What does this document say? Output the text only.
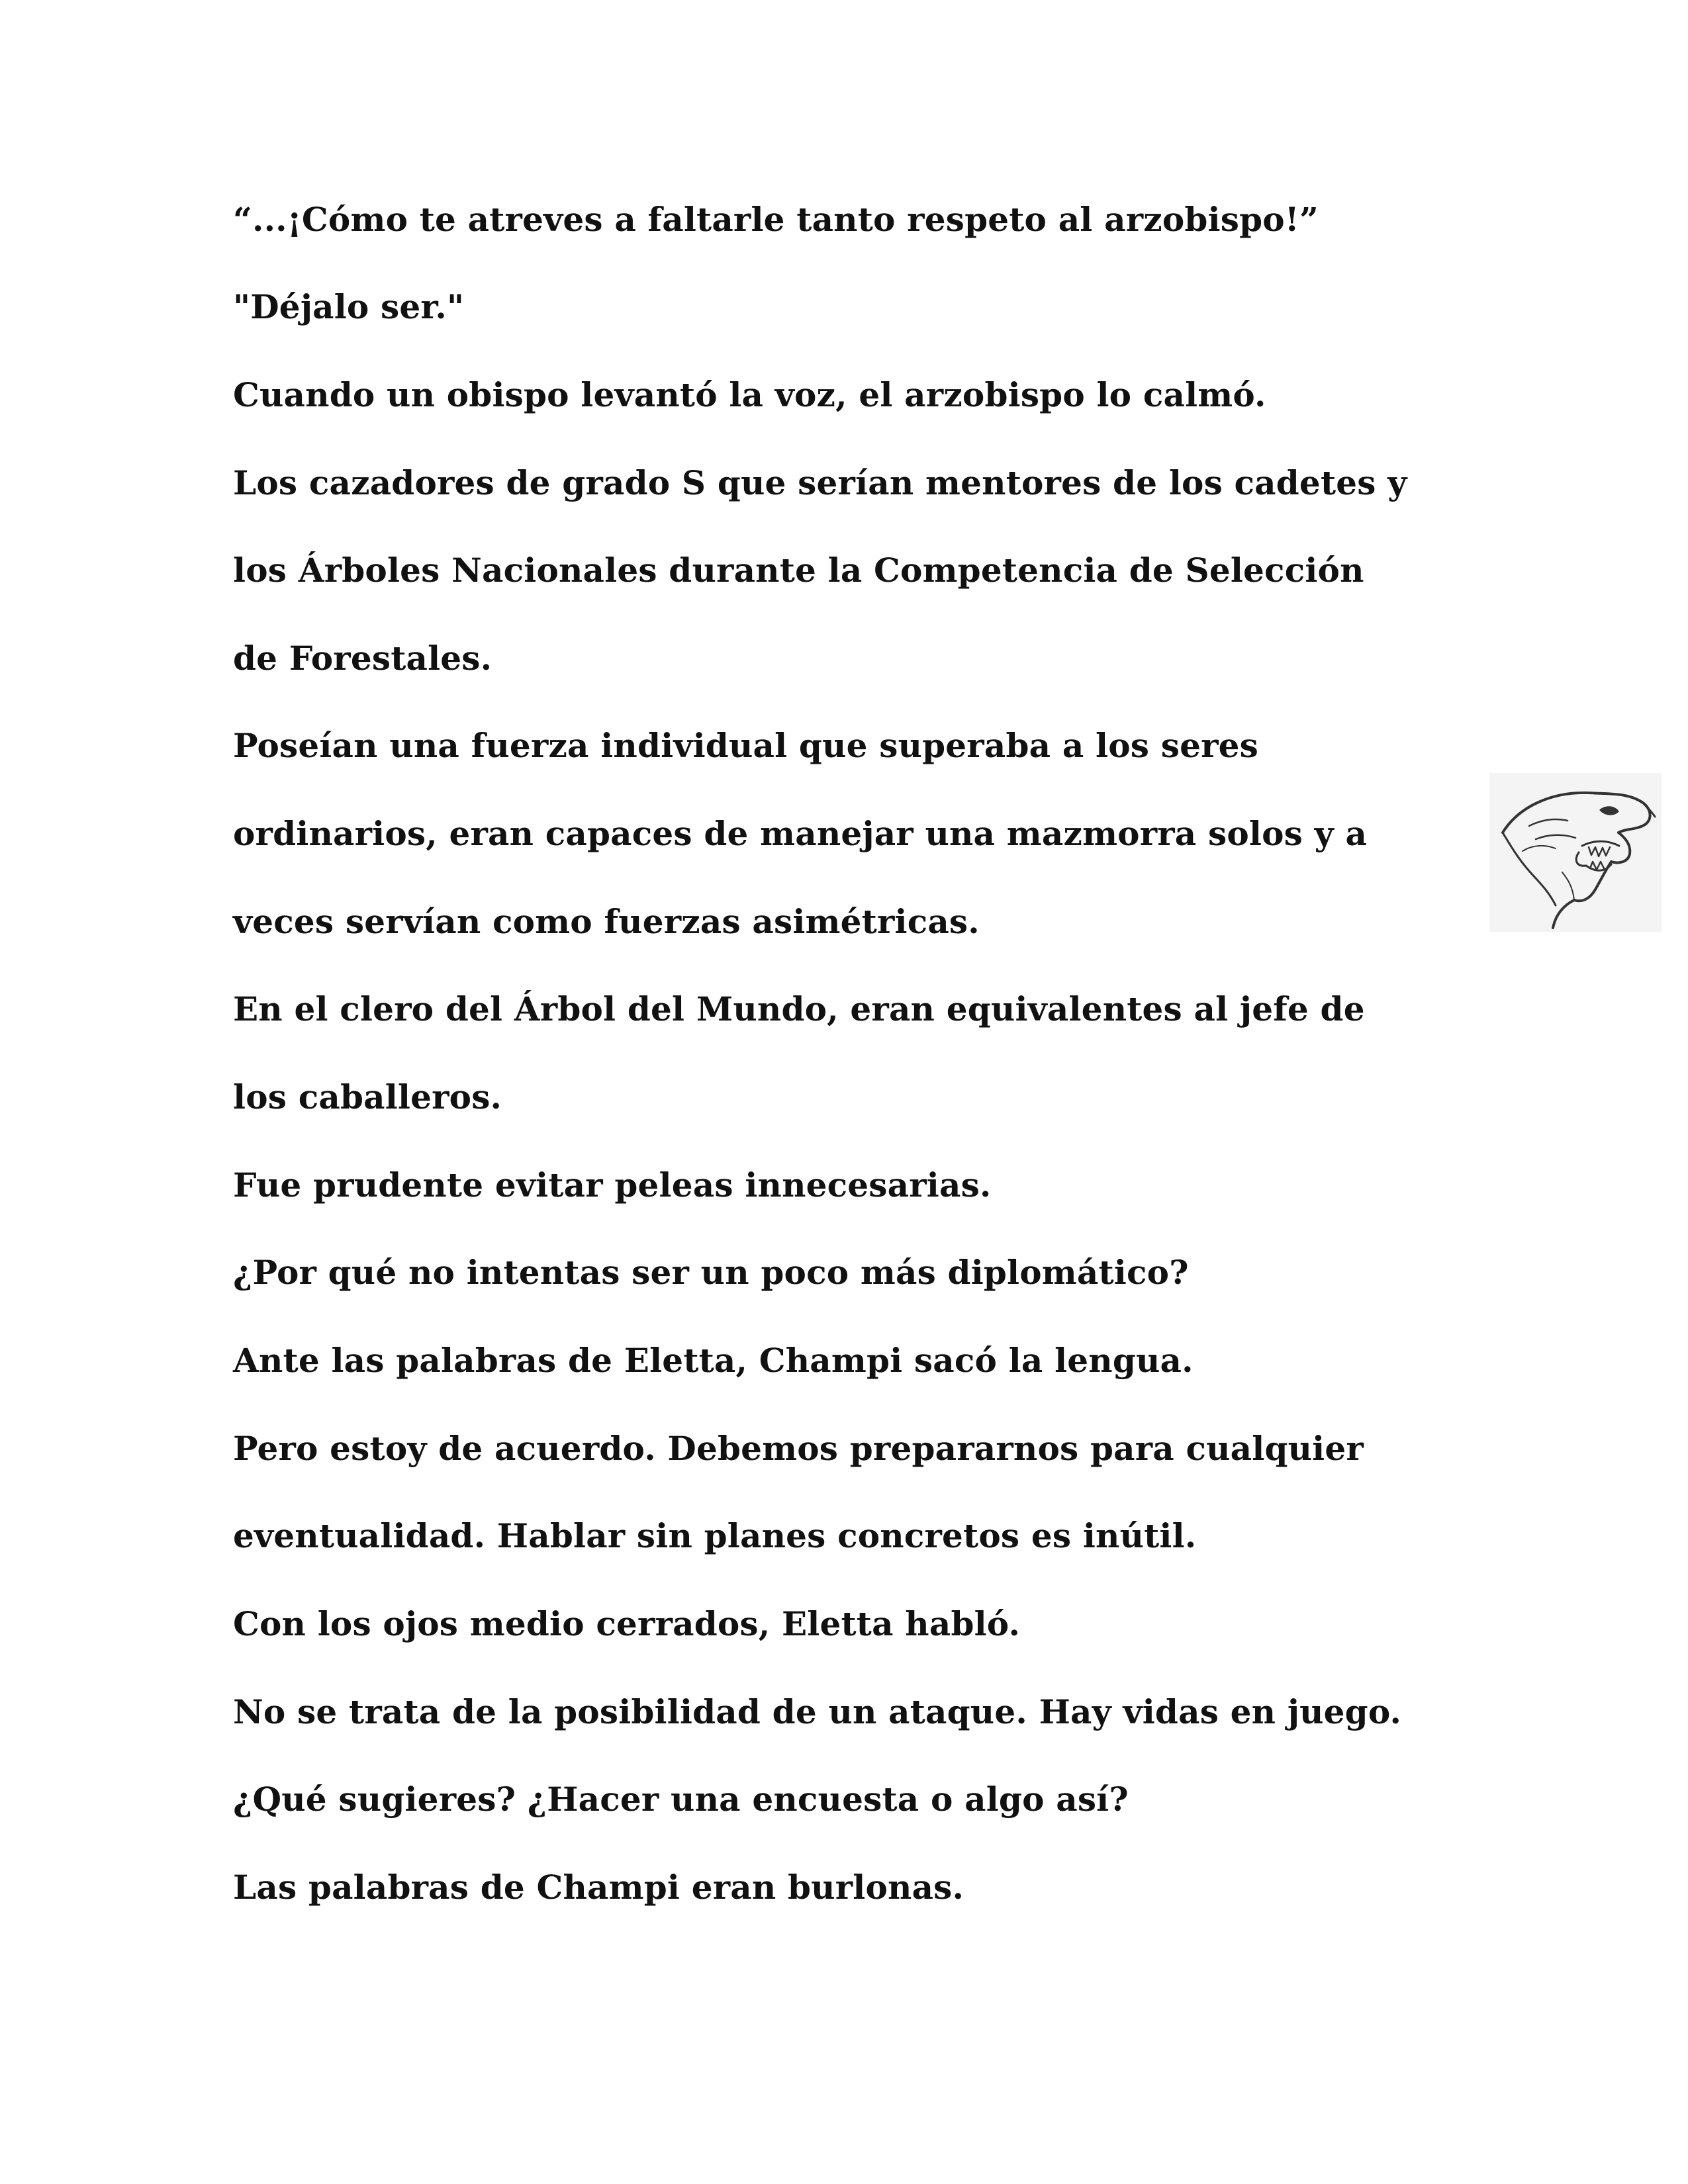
“...¡Cómo te atreves a faltarle tanto respeto al arzobispo!”
"Déjalo ser."
Cuando un obispo levantó la voz, el arzobispo lo calmó.
Los cazadores de grado S que serían mentores de los cadetes y
los Árboles Nacionales durante la Competencia de Selección
de Forestales.
Poseían una fuerza individual que superaba a los seres
ordinarios, eran capaces de manejar una mazmorra solos y a
veces servían como fuerzas asimétricas.
En el clero del Árbol del Mundo, eran equivalentes al jefe de
los caballeros.
Fue prudente evitar peleas innecesarias.
¿Por qué no intentas ser un poco más diplomático?
Ante las palabras de Eletta, Champi sacó la lengua.
Pero estoy de acuerdo. Debemos prepararnos para cualquier
eventualidad. Hablar sin planes concretos es inútil.
Con los ojos medio cerrados, Eletta habló.
No se trata de la posibilidad de un ataque. Hay vidas en juego.
¿Qué sugieres? ¿Hacer una encuesta o algo así?
Las palabras de Champi eran burlonas.
